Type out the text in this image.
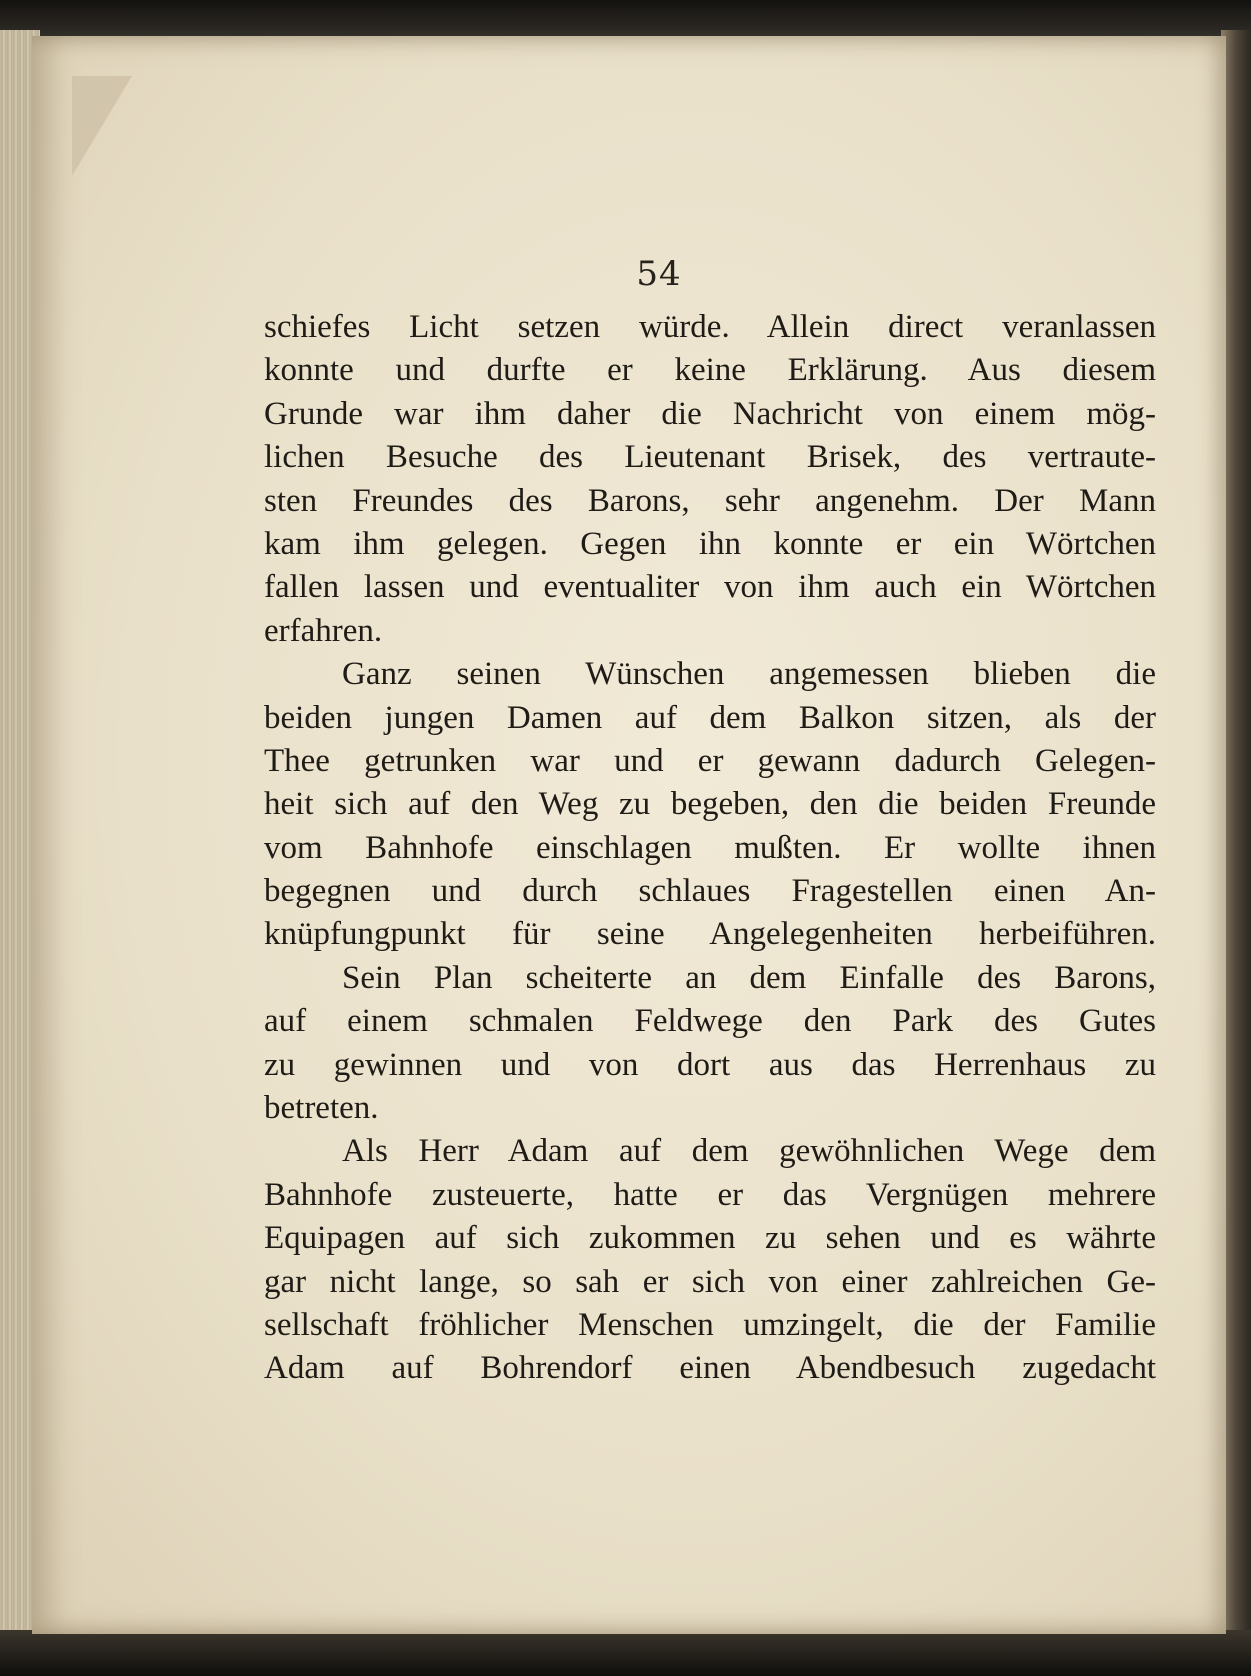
54
schiefes Licht setzen würde. Allein direct veranlassen
konnte und durfte er keine Erklärung. Aus diesem
Grunde war ihm daher die Nachricht von einem mög-
lichen Besuche des Lieutenant Brisek, des vertraute-
sten Freundes des Barons, sehr angenehm. Der Mann
kam ihm gelegen. Gegen ihn konnte er ein Wörtchen
fallen lassen und eventualiter von ihm auch ein Wörtchen
erfahren.
Ganz seinen Wünschen angemessen blieben die
beiden jungen Damen auf dem Balkon sitzen, als der
Thee getrunken war und er gewann dadurch Gelegen-
heit sich auf den Weg zu begeben, den die beiden Freunde
vom Bahnhofe einschlagen mußten. Er wollte ihnen
begegnen und durch schlaues Fragestellen einen An-
knüpfungpunkt für seine Angelegenheiten herbeiführen.
Sein Plan scheiterte an dem Einfalle des Barons,
auf einem schmalen Feldwege den Park des Gutes
zu gewinnen und von dort aus das Herrenhaus zu
betreten.
Als Herr Adam auf dem gewöhnlichen Wege dem
Bahnhofe zusteuerte, hatte er das Vergnügen mehrere
Equipagen auf sich zukommen zu sehen und es währte
gar nicht lange, so sah er sich von einer zahlreichen Ge-
sellschaft fröhlicher Menschen umzingelt, die der Familie
Adam auf Bohrendorf einen Abendbesuch zugedacht
